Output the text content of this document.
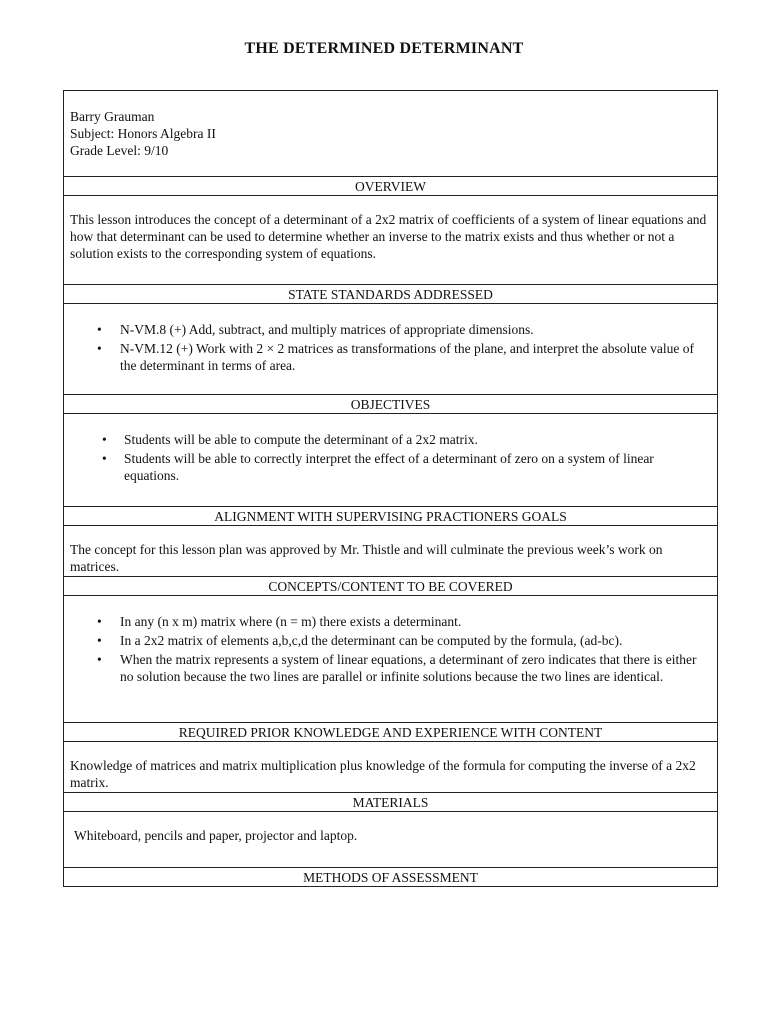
THE DETERMINED DETERMINANT
Barry Grauman
Subject: Honors Algebra II
Grade Level: 9/10

OVERVIEW

This lesson introduces the concept of a determinant of a 2x2 matrix of coefficients of a system of linear equations and how that determinant can be used to determine whether an inverse to the matrix exists and thus whether or not a solution exists to the corresponding system of equations.

STATE STANDARDS ADDRESSED

• N-VM.8 (+) Add, subtract, and multiply matrices of appropriate dimensions.
• N-VM.12 (+) Work with 2 × 2 matrices as transformations of the plane, and interpret the absolute value of the determinant in terms of area.

OBJECTIVES

• Students will be able to compute the determinant of a 2x2 matrix.
• Students will be able to correctly interpret the effect of a determinant of zero on a system of linear equations.

ALIGNMENT WITH SUPERVISING PRACTIONERS GOALS

The concept for this lesson plan was approved by Mr. Thistle and will culminate the previous week’s work on matrices.

CONCEPTS/CONTENT TO BE COVERED

• In any (n x m) matrix where (n = m) there exists a determinant.
• In a 2x2 matrix of elements a,b,c,d the determinant can be computed by the formula, (ad-bc).
• When the matrix represents a system of linear equations, a determinant of zero indicates that there is either no solution because the two lines are parallel or infinite solutions because the two lines are identical.

REQUIRED PRIOR KNOWLEDGE AND EXPERIENCE WITH CONTENT

Knowledge of matrices and matrix multiplication plus knowledge of the formula for computing the inverse of a 2x2 matrix.

MATERIALS

Whiteboard, pencils and paper, projector and laptop.

METHODS OF ASSESSMENT
